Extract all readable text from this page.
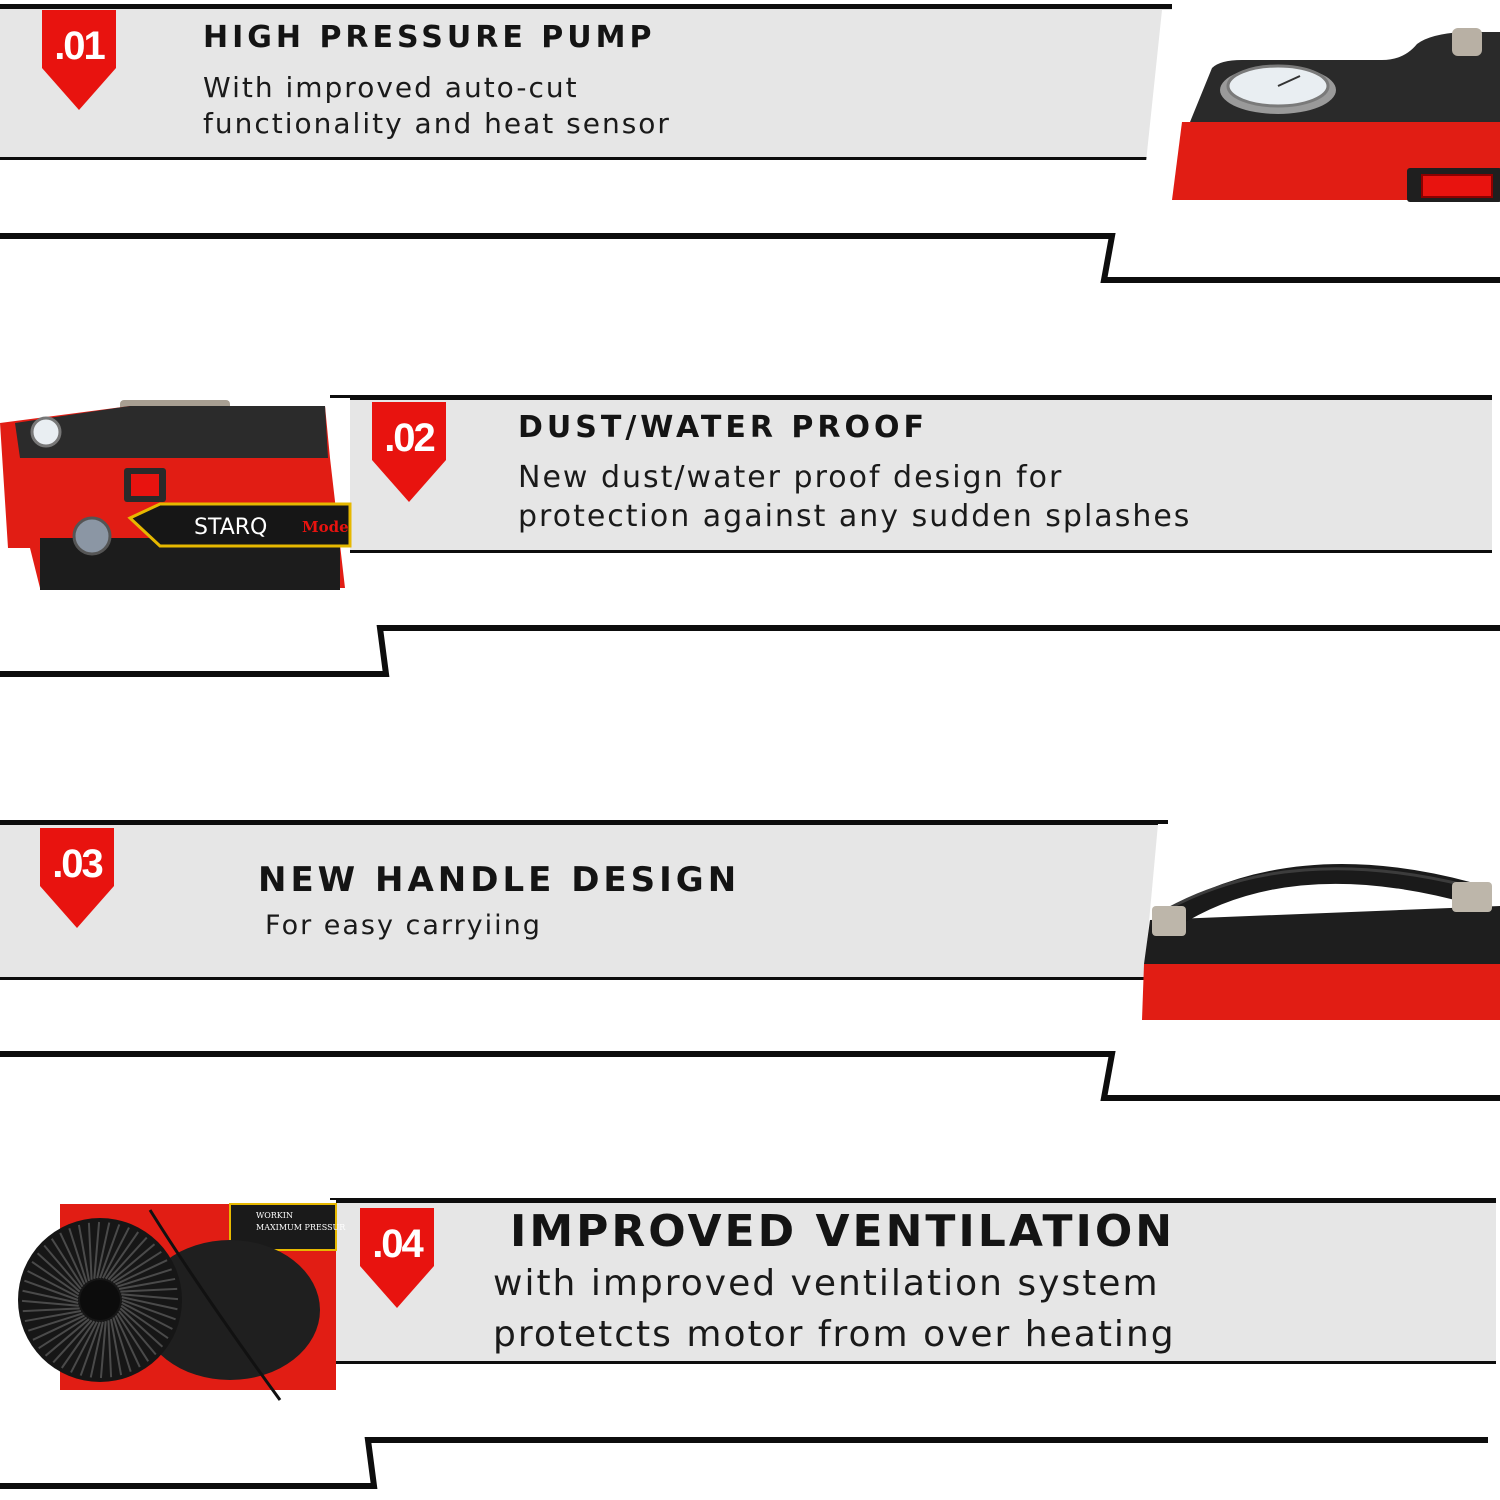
.01	HIGH PRESSURE PUMP
With improved auto-cut
functionality and heat sensor
.02	DUST/WATER PROOF
New dust/water proof design for
protection against any sudden splashes
STARQ Mode
.03	NEW HANDLE DESIGN
For easy carryiing
.04 IMPROVED VENTILATION
with improved ventilation system
protetcts motor from over heating
WORKIN
MAXIMUM PRESSUR
